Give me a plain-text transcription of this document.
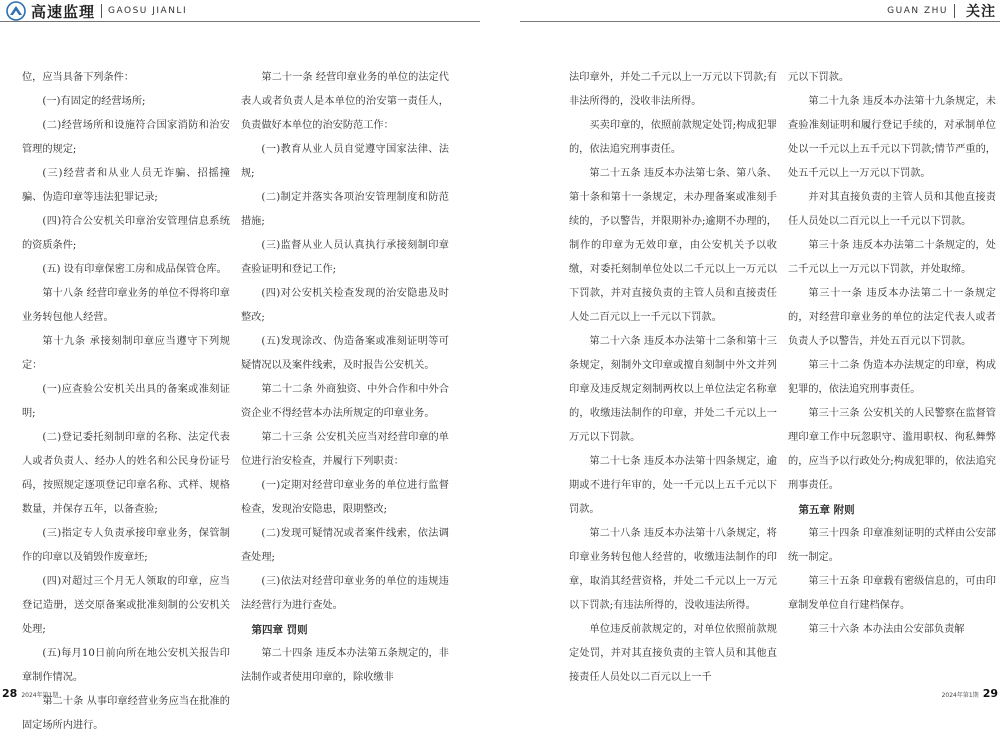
高速监理 GAOSU JIANLI	GUAN ZHU 关注

位，应当具备下列条件：

(一)有固定的经营场所;

(二)经营场所和设施符合国家消防和治安管理的规定;

(三)经营者和从业人员无诈骗、招摇撞骗、伪造印章等违法犯罪记录;

(四)符合公安机关印章治安管理信息系统的资质条件;

(五) 设有印章保密工房和成品保管仓库。

第十八条 经营印章业务的单位不得将印章业务转包他人经营。

第十九条 承接刻制印章应当遵守下列规定：

(一)应查验公安机关出具的备案或准刻证明;

(二)登记委托刻制印章的名称、法定代表人或者负责人、经办人的姓名和公民身份证号码，按照规定逐项登记印章名称、式样、规格数量，并保存五年，以备查验;

(三)指定专人负责承接印章业务，保管制作的印章以及销毁作废章坯;

(四)对超过三个月无人领取的印章，应当登记造册，送交原备案或批准刻制的公安机关处理;

(五)每月10日前向所在地公安机关报告印章制作情况。

第二十条 从事印章经营业务应当在批准的固定场所内进行。

第二十一条 经营印章业务的单位的法定代表人或者负责人是本单位的治安第一责任人，负责做好本单位的治安防范工作：

(一)教育从业人员自觉遵守国家法律、法规;

(二)制定并落实各项治安管理制度和防范措施;

(三)监督从业人员认真执行承接刻制印章查验证明和登记工作;

(四)对公安机关检查发现的治安隐患及时整改;

(五)发现涂改、伪造备案或准刻证明等可疑情况以及案件线索，及时报告公安机关。

第二十二条 外商独资、中外合作和中外合资企业不得经营本办法所规定的印章业务。

第二十三条 公安机关应当对经营印章的单位进行治安检查，并履行下列职责：

(一)定期对经营印章业务的单位进行监督检查，发现治安隐患，限期整改;

(二)发现可疑情况或者案件线索，依法调查处理;

(三)依法对经营印章业务的单位的违规违法经营行为进行查处。

第四章 罚则

第二十四条 违反本办法第五条规定的，非法制作或者使用印章的，除收缴非

法印章外，并处二千元以上一万元以下罚款;有非法所得的，没收非法所得。

买卖印章的，依照前款规定处罚;构成犯罪的，依法追究刑事责任。

第二十五条 违反本办法第七条、第八条、第十条和第十一条规定，未办理备案或准刻手续的，予以警告，并限期补办;逾期不办理的，制作的印章为无效印章，由公安机关予以收缴，对委托刻制单位处以二千元以上一万元以下罚款，并对直接负责的主管人员和直接责任人处二百元以上一千元以下罚款。

第二十六条 违反本办法第十二条和第十三条规定，刻制外文印章或擅自刻制中外文并列印章及违反规定刻制两枚以上单位法定名称章的，收缴违法制作的印章，并处二千元以上一万元以下罚款。

第二十七条 违反本办法第十四条规定，逾期或不进行年审的，处一千元以上五千元以下罚款。

第二十八条 违反本办法第十八条规定，将印章业务转包他人经营的，收缴违法制作的印章，取消其经营资格，并处二千元以上一万元以下罚款;有违法所得的，没收违法所得。

单位违反前款规定的，对单位依照前款规定处罚，并对其直接负责的主管人员和其他直接责任人员处以二百元以上一千

元以下罚款。

第二十九条 违反本办法第十九条规定，未查验准刻证明和履行登记手续的，对承制单位处以一千元以上五千元以下罚款;情节严重的，处五千元以上一万元以下罚款。

并对其直接负责的主管人员和其他直接责任人员处以二百元以上一千元以下罚款。

第三十条 违反本办法第二十条规定的，处二千元以上一万元以下罚款，并处取缔。

第三十一条 违反本办法第二十一条规定的，对经营印章业务的单位的法定代表人或者负责人予以警告，并处五百元以下罚款。

第三十二条 伪造本办法规定的印章，构成犯罪的，依法追究刑事责任。

第三十三条 公安机关的人民警察在监督管理印章工作中玩忽职守、滥用职权、徇私舞弊的，应当予以行政处分;构成犯罪的，依法追究刑事责任。

第五章 附则

第三十四条 印章准刻证明的式样由公安部统一制定。

第三十五条 印章载有密级信息的，可由印章制发单位自行建档保存。

第三十六条 本办法由公安部负责解

28 2024年第1期	2024年第1期 29
